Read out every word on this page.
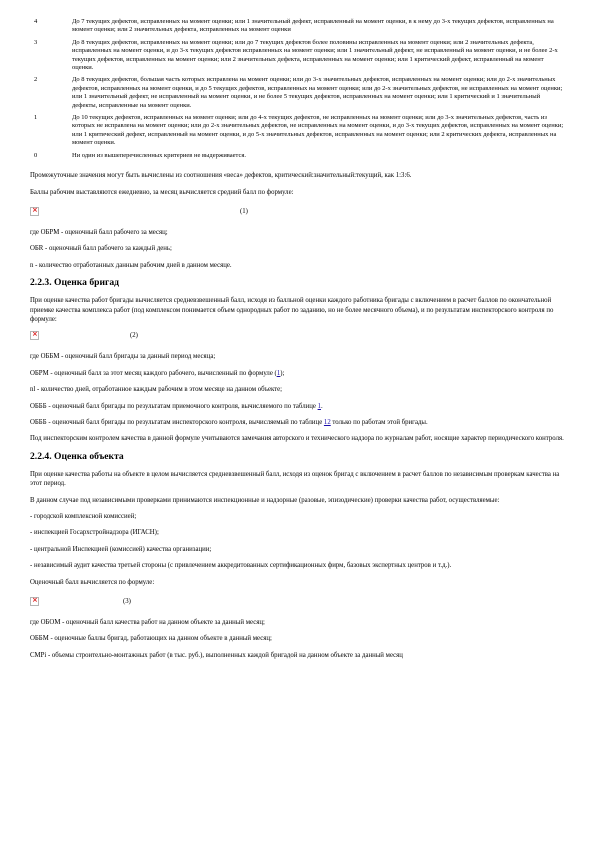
4	До 7 текущих дефектов, исправленных на момент оценки; или 1 значительный дефект, исправленный на момент оценки, в к нему до 3-х текущих дефектов, исправленных на момент оценки; или 2 значительных дефекта, исправленных на момент оценки
3	До 8 текущих дефектов, исправленных на момент оценки; или до 7 текущих дефектов более половины исправленных на момент оценки; или 2 значительных дефекта, исправленных на момент оценки, и до 3-х текущих дефектов исправленных на момент оценки; или 1 значительный дефект, не исправленный на момент оценки, и не более 2-х текущих дефектов, исправленных на момент оценки; или 2 значительных дефекта, исправленных на момент оценки; или 1 критический дефект, исправленный на момент оценки.
2	До 8 текущих дефектов, большая часть которых исправлена на момент оценки; или до 3-х значительных дефектов, исправленных на момент оценки; или до 2-х значительных дефектов, исправленных на момент оценки, и до 5 текущих дефектов, исправленных на момент оценки; или до 2-х значительных дефектов, не исправленных на момент оценки; или 1 значительный дефект, не исправленный на момент оценки, и не более 5 текущих дефектов, исправленных на момент оценки; или 1 критический и 1 значительный дефекты, исправленные на момент оценки.
1	До 10 текущих дефектов, исправленных на момент оценки; или до 4-х текущих дефектов, не исправленных на момент оценки; или до 3-х значительных дефектов, часть из которых не исправлена на момент оценки; или до 2-х значительных дефектов, не исправленных на момент оценки, и до 3-х текущих дефектов, исправленных на момент оценки; или 1 критический дефект, исправленный на момент оценки, и до 5-х значительных дефектов, исправленных на момент оценки; или 2 критических дефекта, исправленных на момент оценки.
0	Ни один из вышеперечисленных критериев не выдерживается.

Промежуточные значения могут быть вычислены из соотношения «веса» дефектов, критический:значительный:текущий, как 1:3:6.

Баллы рабочим выставляются ежедневно, за месяц вычисляется средний балл по формуле:

×	(1)

где OБPM - оценочный балл рабочего за месяц;

OБR - оценочный балл рабочего за каждый день;

n - количество отработанных данным рабочим дней в данном месяце.

2.2.3. Оценка бригад

При оценке качества работ бригады вычисляется средневзвешенный балл, исходя из балльной оценки каждого работника бригады с включением в расчет баллов по окончательной приемке качества комплекса работ (под комплексом понимается объем однородных работ по заданию, но не более месячного объема), и по результатам инспекторского контроля по формуле:

×	(2)

где OББM - оценочный балл бригады за данный период месяца;

OБPM - оценочный балл за этот месяц каждого рабочего, вычисленный по формуле (1);

nl - количество дней, отработанное каждым рабочим в этом месяце на данном объекте;

OБББ - оценочный балл бригады по результатам приемочного контроля, вычисляемого по таблице 1.

OБББ - оценочный балл бригады по результатам инспекторского контроля, вычисляемый по таблице 12 только по работам этой бригады.

Под инспекторским контролем качества в данной формуле учитываются замечания авторского и технического надзора по журналам работ, носящие характер периодического контроля.

2.2.4. Оценка объекта

При оценке качества работы на объекте в целом вычисляется средневзвешенный балл, исходя из оценок бригад с включением в расчет баллов по независимым проверкам качества на этот период.

В данном случае под независимыми проверками принимаются инспекционные и надзорные (разовые, эпизодические) проверки качества работ, осуществляемые:

- городской комплексной комиссией;

- инспекцией Госархстройнадзора (ИГАСН);

- центральной Инспекцией (комиссией) качества организации;

- независимый аудит качества третьей стороны (с привлечением аккредитованных сертификационных фирм, базовых экспертных центров и т.д.).

Оценочный балл вычисляется по формуле:

×	(3)

где OБOM - оценочный балл качества работ на данном объекте за данный месяц;

OББM - оценочные баллы бригад, работающих на данном объекте в данный месяц;

CMPi - объемы строительно-монтажных работ (в тыс. руб.), выполненных каждой бригадой на данном объекте за данный месяц
